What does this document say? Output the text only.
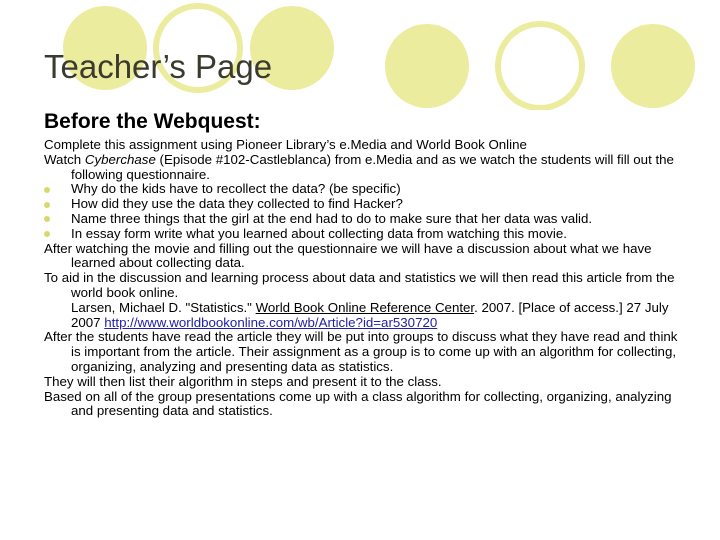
Teacher’s Page
Before the Webquest:
Complete this assignment using Pioneer Library’s e.Media and World Book Online
Watch Cyberchase (Episode #102-Castleblanca) from e.Media and as we watch the students will fill out the following questionnaire.
Why do the kids have to recollect the data? (be specific)
How did they use the data they collected to find Hacker?
Name three things that the girl at the end had to do to make sure that her data was valid.
In essay form write what you learned about collecting data from watching this movie.
After watching the movie and filling out the questionnaire we will have a discussion about what we have learned about collecting data.
To aid in the discussion and learning process about data and statistics we will then read this article from the world book online.
Larsen, Michael D. "Statistics." World Book Online Reference Center. 2007. [Place of access.] 27 July 2007 http://www.worldbookonline.com/wb/Article?id=ar530720
After the students have read the article they will be put into groups to discuss what they have read and think is important from the article. Their assignment as a group is to come up with an algorithm for collecting, organizing, analyzing and presenting data as statistics.
They will then list their algorithm in steps and present it to the class.
Based on all of the group presentations come up with a class algorithm for collecting, organizing, analyzing and presenting data and statistics.
